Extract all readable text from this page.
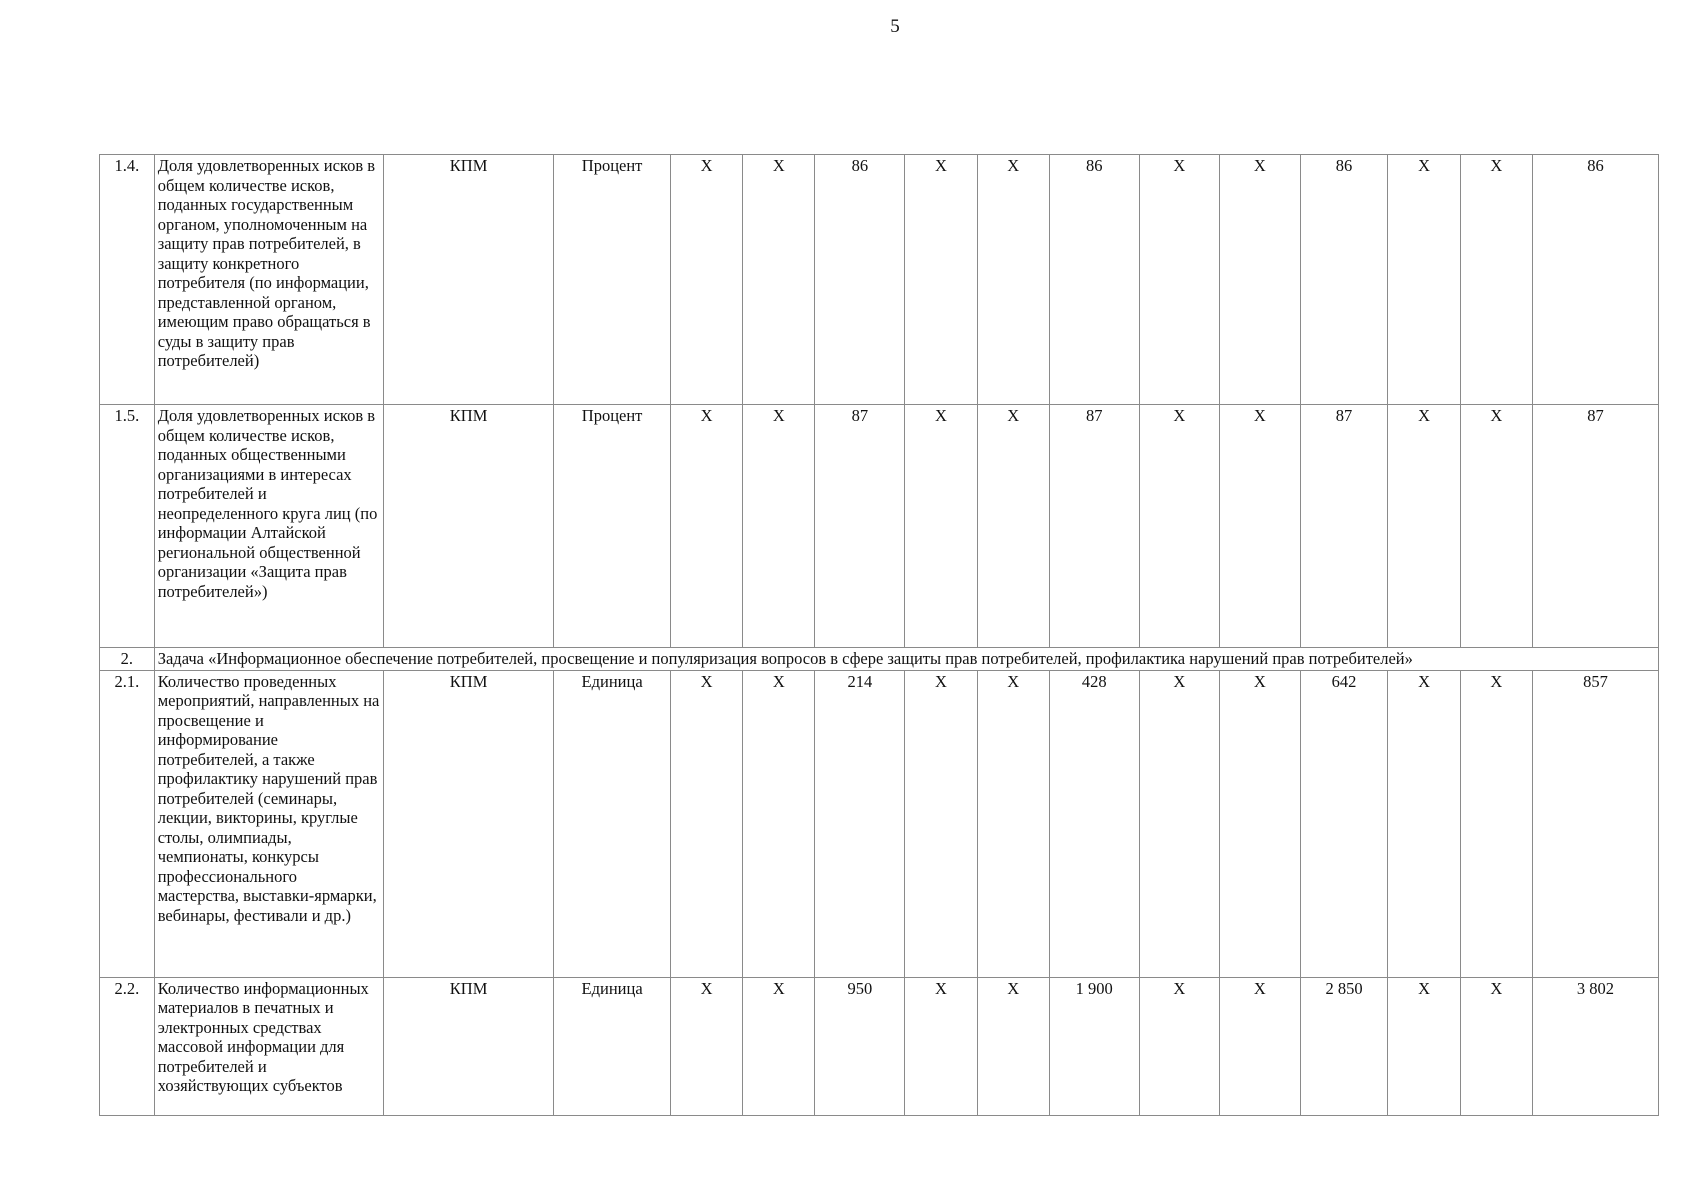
5
1.4.	Доля удовлетворенных исков в общем количестве исков, поданных государственным органом, уполномоченным на защиту прав потребителей, в защиту конкретного потребителя (по информации, представленной органом, имеющим право обращаться в суды в защиту прав потребителей)	КПМ	Процент	X	X	86	X	X	86	X	X	86	X	X	86
1.5.	Доля удовлетворенных исков в общем количестве исков, поданных общественными организациями в интересах потребителей и неопределенного круга лиц (по информации Алтайской региональной общественной организации «Защита прав потребителей»)	КПМ	Процент	X	X	87	X	X	87	X	X	87	X	X	87
2.	Задача «Информационное обеспечение потребителей, просвещение и популяризация вопросов в сфере защиты прав потребителей, профилактика нарушений прав потребителей»														
2.1.	Количество проведенных мероприятий, направленных на просвещение и информирование потребителей, а также профилактику нарушений прав потребителей (семинары, лекции, викторины, круглые столы, олимпиады, чемпионаты, конкурсы профессионального мастерства, выставки-ярмарки, вебинары, фестивали и др.)	КПМ	Единица	X	X	214	X	X	428	X	X	642	X	X	857
2.2.	Количество информационных материалов в печатных и электронных средствах массовой информации для потребителей и хозяйствующих субъектов	КПМ	Единица	X	X	950	X	X	1 900	X	X	2 850	X	X	3 802
